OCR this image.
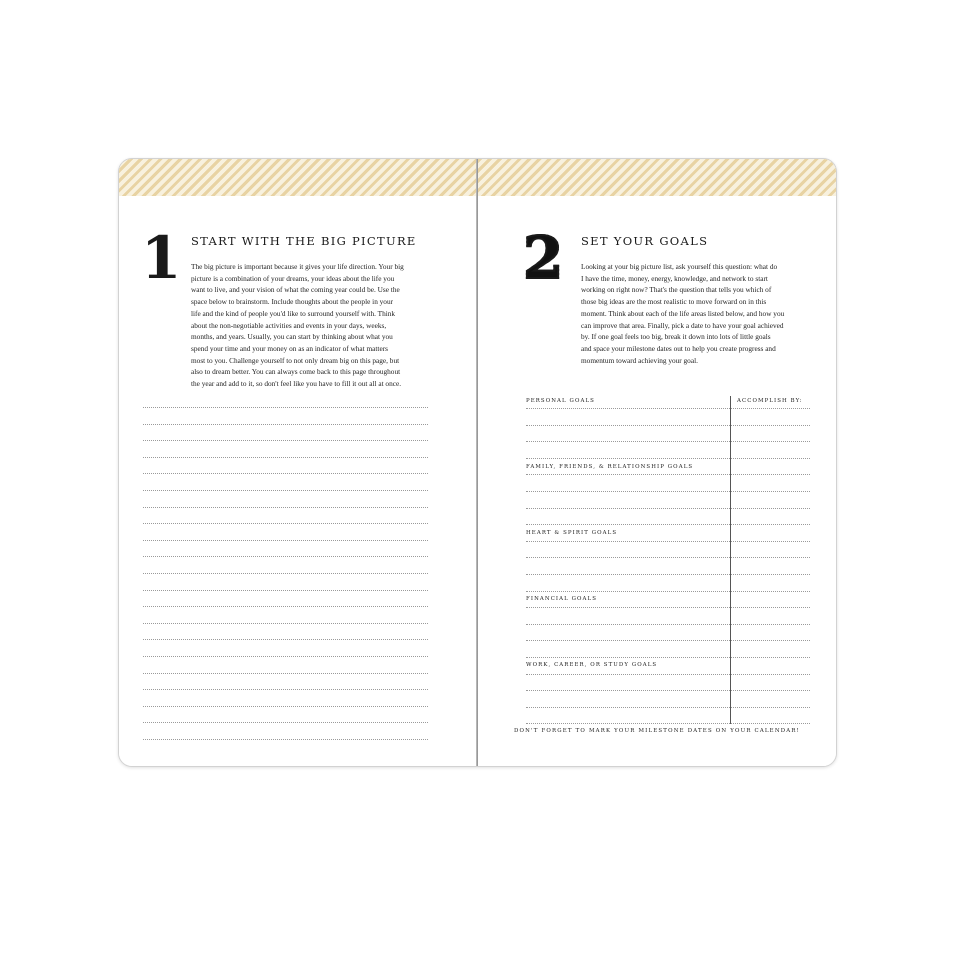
1 START WITH THE BIG PICTURE
The big picture is important because it gives your life direction. Your big
picture is a combination of your dreams, your ideas about the life you
want to live, and your vision of what the coming year could be. Use the
space below to brainstorm. Include thoughts about the people in your
life and the kind of people you'd like to surround yourself with. Think
about the non-negotiable activities and events in your days, weeks,
months, and years. Usually, you can start by thinking about what you
spend your time and your money on as an indicator of what matters
most to you. Challenge yourself to not only dream big on this page, but
also to dream better. You can always come back to this page throughout
the year and add to it, so don't feel like you have to fill it out all at once.
2 SET YOUR GOALS
Looking at your big picture list, ask yourself this question: what do
I have the time, money, energy, knowledge, and network to start
working on right now? That's the question that tells you which of
those big ideas are the most realistic to move forward on in this
moment. Think about each of the life areas listed below, and how you
can improve that area. Finally, pick a date to have your goal achieved
by. If one goal feels too big, break it down into lots of little goals
and space your milestone dates out to help you create progress and
momentum toward achieving your goal.
PERSONAL GOALS	ACCOMPLISH BY:
FAMILY, FRIENDS, & RELATIONSHIP GOALS
HEART & SPIRIT GOALS
FINANCIAL GOALS
WORK, CAREER, OR STUDY GOALS
DON'T FORGET TO MARK YOUR MILESTONE DATES ON YOUR CALENDAR!
